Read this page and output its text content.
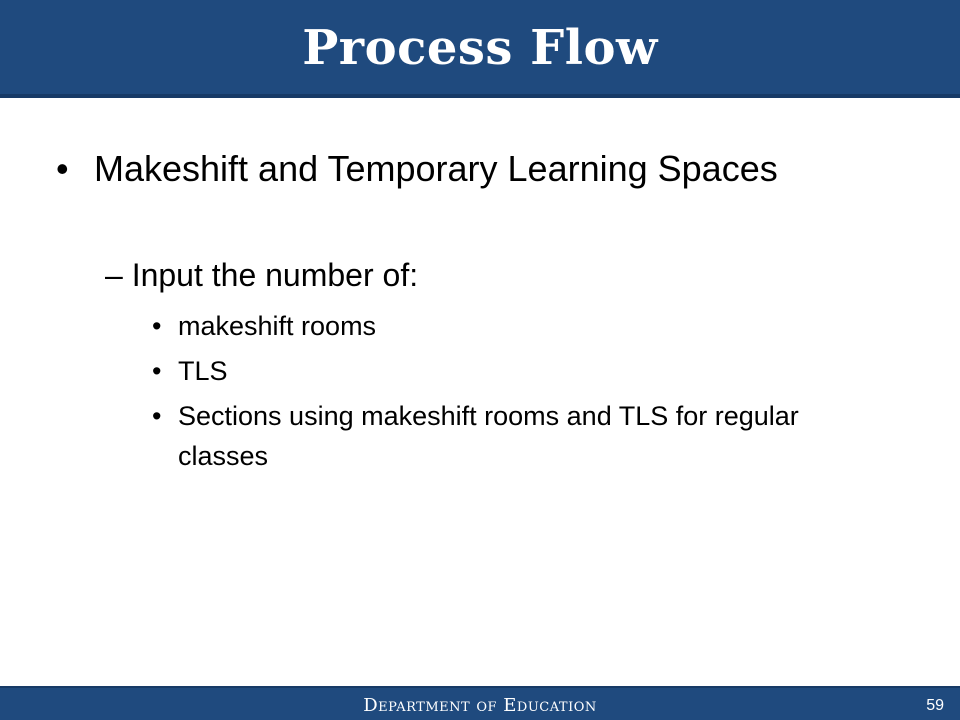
Process Flow
• Makeshift and Temporary Learning Spaces
– Input the number of:
• makeshift rooms
• TLS
• Sections using makeshift rooms and TLS for regular classes
Department of Education	59
